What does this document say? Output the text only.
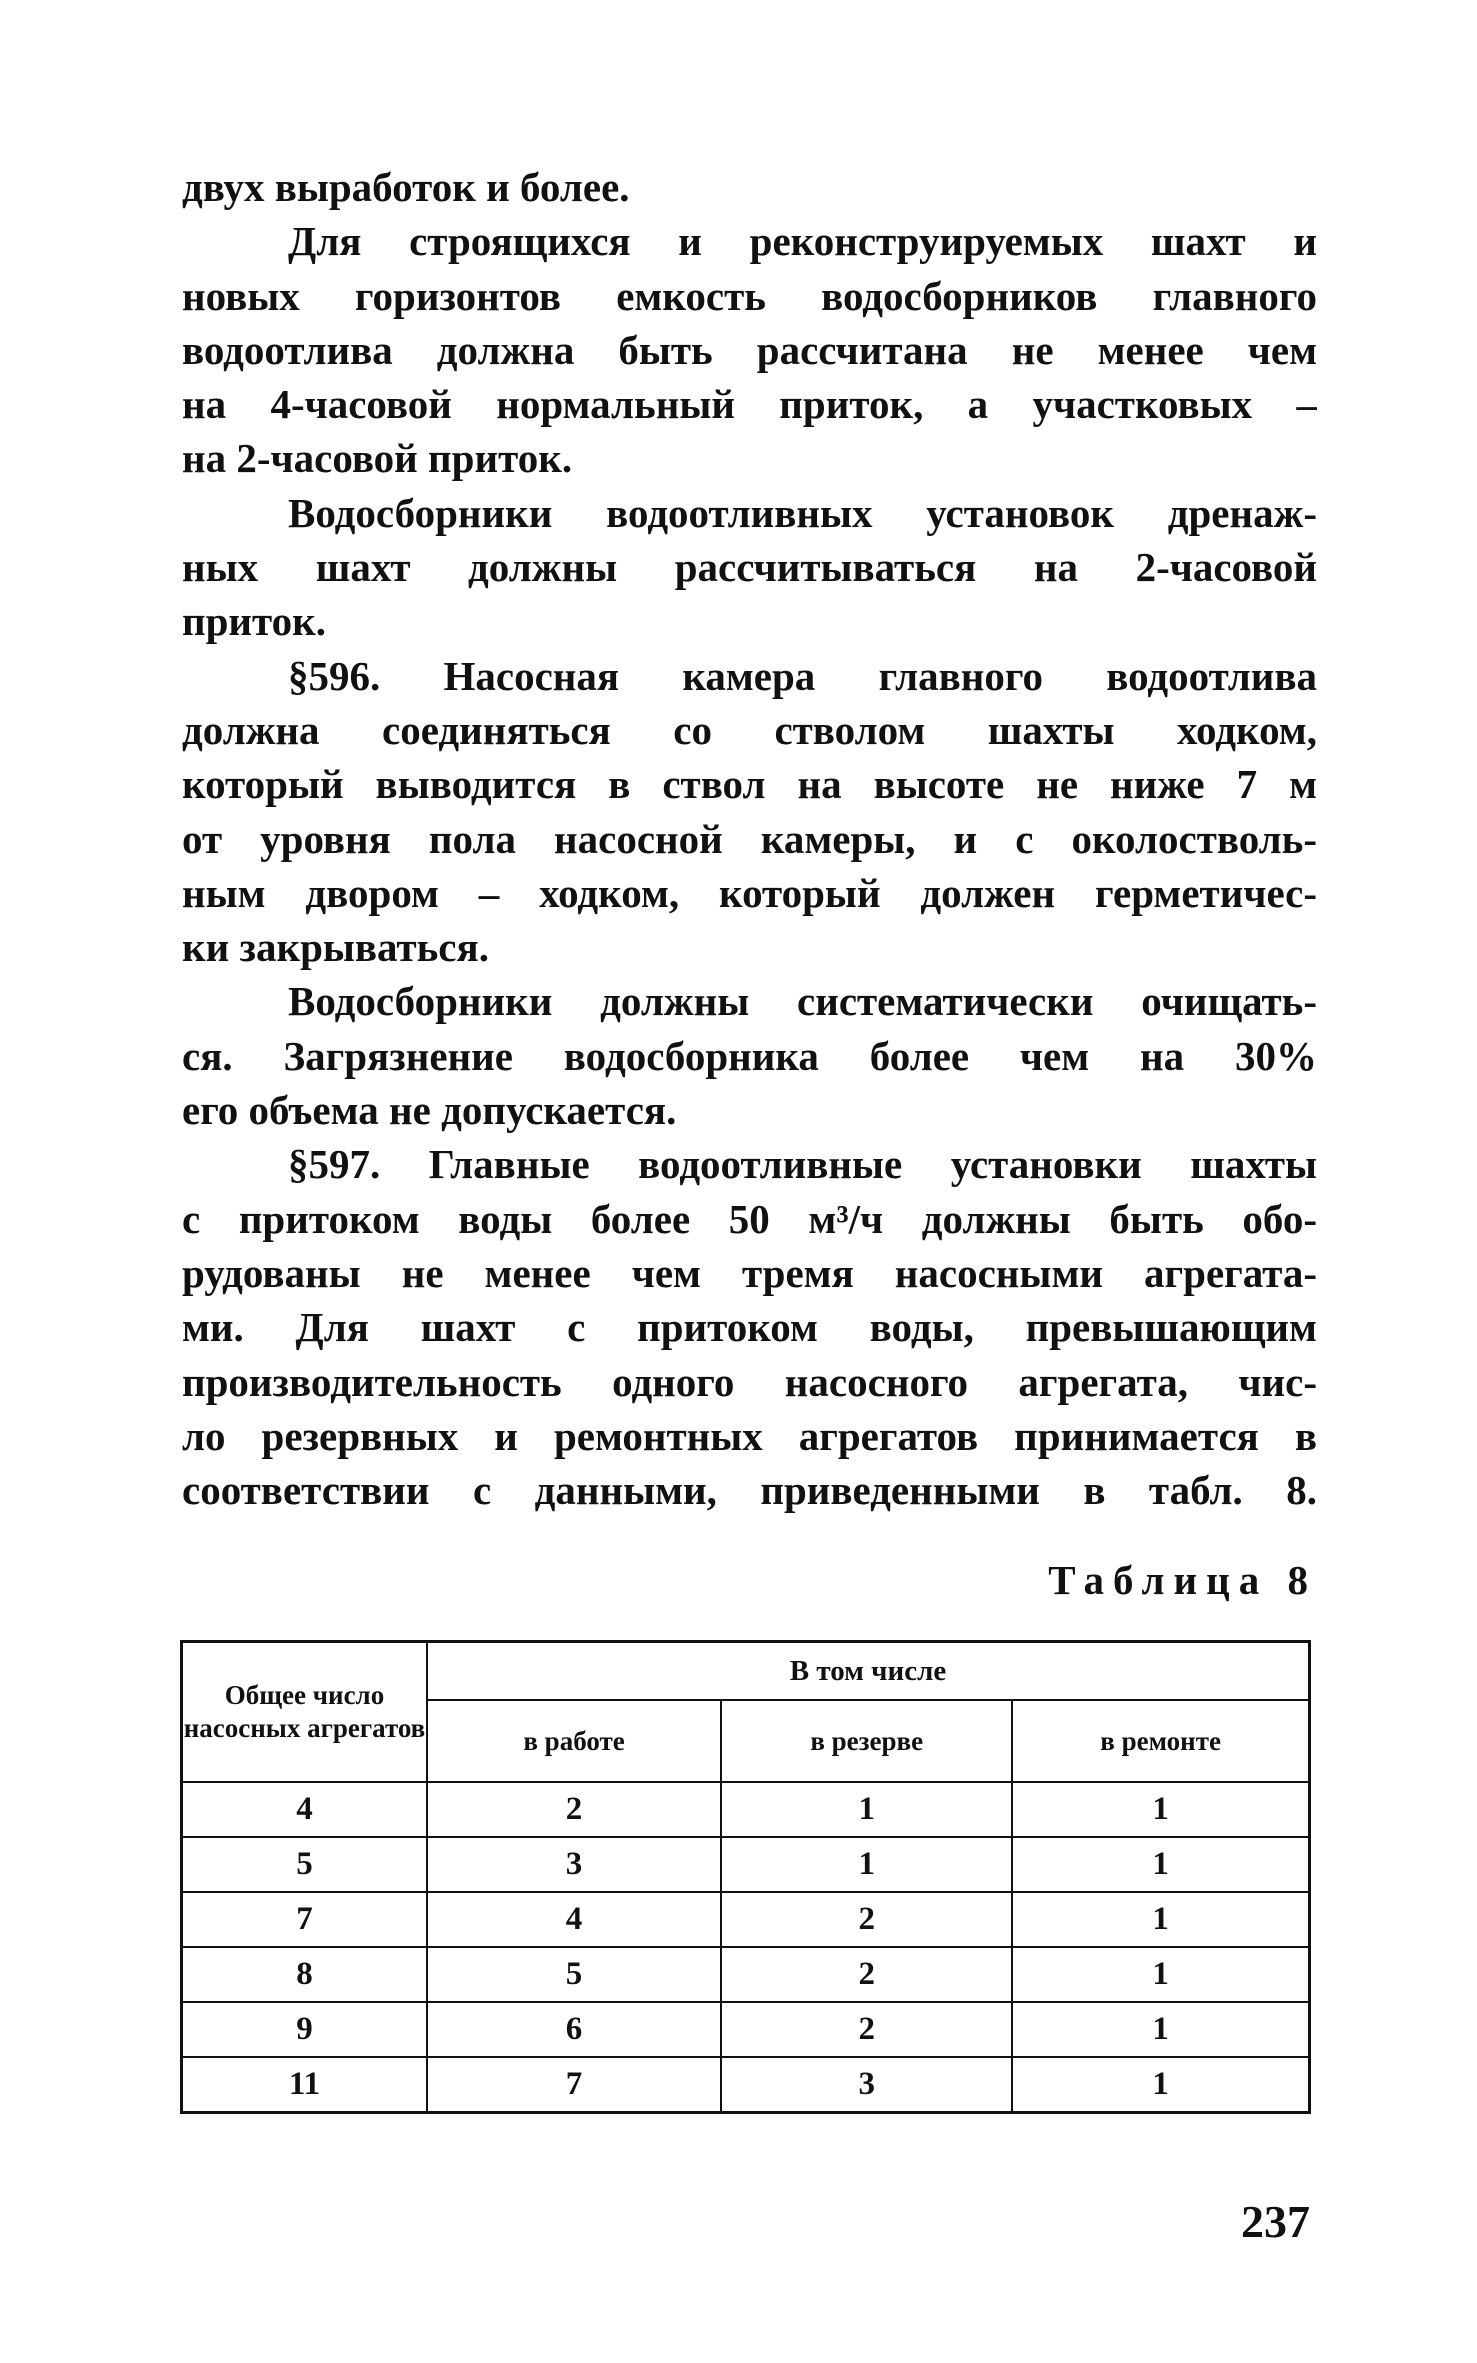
двух выработок и более.
Для строящихся и реконструируемых шахт и
новых горизонтов емкость водосборников главного
водоотлива должна быть рассчитана не менее чем
на 4-часовой нормальный приток, а участковых –
на 2-часовой приток.
Водосборники водоотливных установок дренаж-
ных шахт должны рассчитываться на 2-часовой
приток.
§596. Насосная камера главного водоотлива
должна соединяться со стволом шахты ходком,
который выводится в ствол на высоте не ниже 7 м
от уровня пола насосной камеры, и с околостволь-
ным двором – ходком, который должен герметичес-
ки закрываться.
Водосборники должны систематически очищать-
ся. Загрязнение водосборника более чем на 30%
его объема не допускается.
§597. Главные водоотливные установки шахты
с притоком воды более 50 м³/ч должны быть обо-
рудованы не менее чем тремя насосными агрегата-
ми. Для шахт с притоком воды, превышающим
производительность одного насосного агрегата, чис-
ло резервных и ремонтных агрегатов принимается в
соответствии с данными, приведенными в табл. 8.
Таблица 8
Общее число насосных агрегатов	В том числе		
	в работе	в резерве	в ремонте
4	2	1	1
5	3	1	1
7	4	2	1
8	5	2	1
9	6	2	1
11	7	3	1
237
